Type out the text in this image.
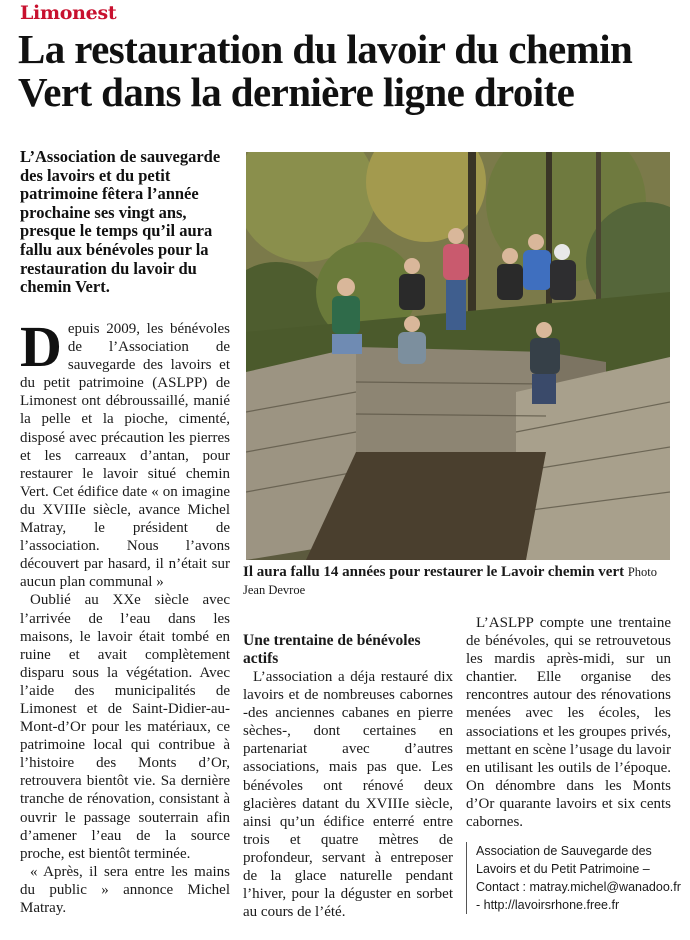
Limonest
La restauration du lavoir du chemin Vert dans la dernière ligne droite
L’Association de sauvegarde des lavoirs et du petit patrimoine fêtera l’année prochaine ses vingt ans, presque le temps qu’il aura fallu aux bénévoles pour la restauration du lavoir du chemin Vert.

Depuis 2009, les bénévoles de l’Association de sauvegarde des lavoirs et du petit patrimoine (ASLPP) de Limonest ont débroussaillé, manié la pelle et la pioche, cimenté, disposé avec précaution les pierres et les carreaux d’antan, pour restaurer le lavoir situé chemin Vert. Cet édifice date « on imagine du XVIIIe siècle, avance Michel Matray, le président de l’association. Nous l’avons découvert par hasard, il n’était sur aucun plan communal »

Oublié au XXe siècle avec l’arrivée de l’eau dans les maisons, le lavoir était tombé en ruine et avait complètement disparu sous la végétation. Avec l’aide des municipalités de Limonest et de Saint-Didier-au-Mont-d’Or pour les matériaux, ce patrimoine local qui contribue à l’histoire des Monts d’Or, retrouvera bientôt vie. Sa dernière tranche de rénovation, consistant à ouvrir le passage souterrain afin d’amener l’eau de la source proche, est bientôt terminée.

« Après, il sera entre les mains du public » annonce Michel Matray.

Il aura fallu 14 années pour restaurer le Lavoir chemin vert Photo Jean Devroe
Une trentaine de bénévoles actifs

L’association a déja restauré dix lavoirs et de nombreuses cabornes -des anciennes cabanes en pierre sèches-, dont certaines en partenariat avec d’autres associations, mais pas que. Les bénévoles ont rénové deux glacières datant du XVIIIe siècle, ainsi qu’un édifice enterré entre trois et quatre mètres de profondeur, servant à entreposer de la glace naturelle pendant l’hiver, pour la déguster en sorbet au cours de l’été.

L’ASLPP compte une trentaine de bénévoles, qui se retrouvetous les mardis après-midi, sur un chantier. Elle organise des rencontres autour des rénovations menées avec les écoles, les associations et les groupes privés, mettant en scène l’usage du lavoir en utilisant les outils de l’époque. On dénombre dans les Monts d’Or quarante lavoirs et six cents cabornes.

Association de Sauvegarde des Lavoirs et du Petit Patrimoine – Contact : matray.michel@wanadoo.fr - http://lavoirsrhone.free.fr
